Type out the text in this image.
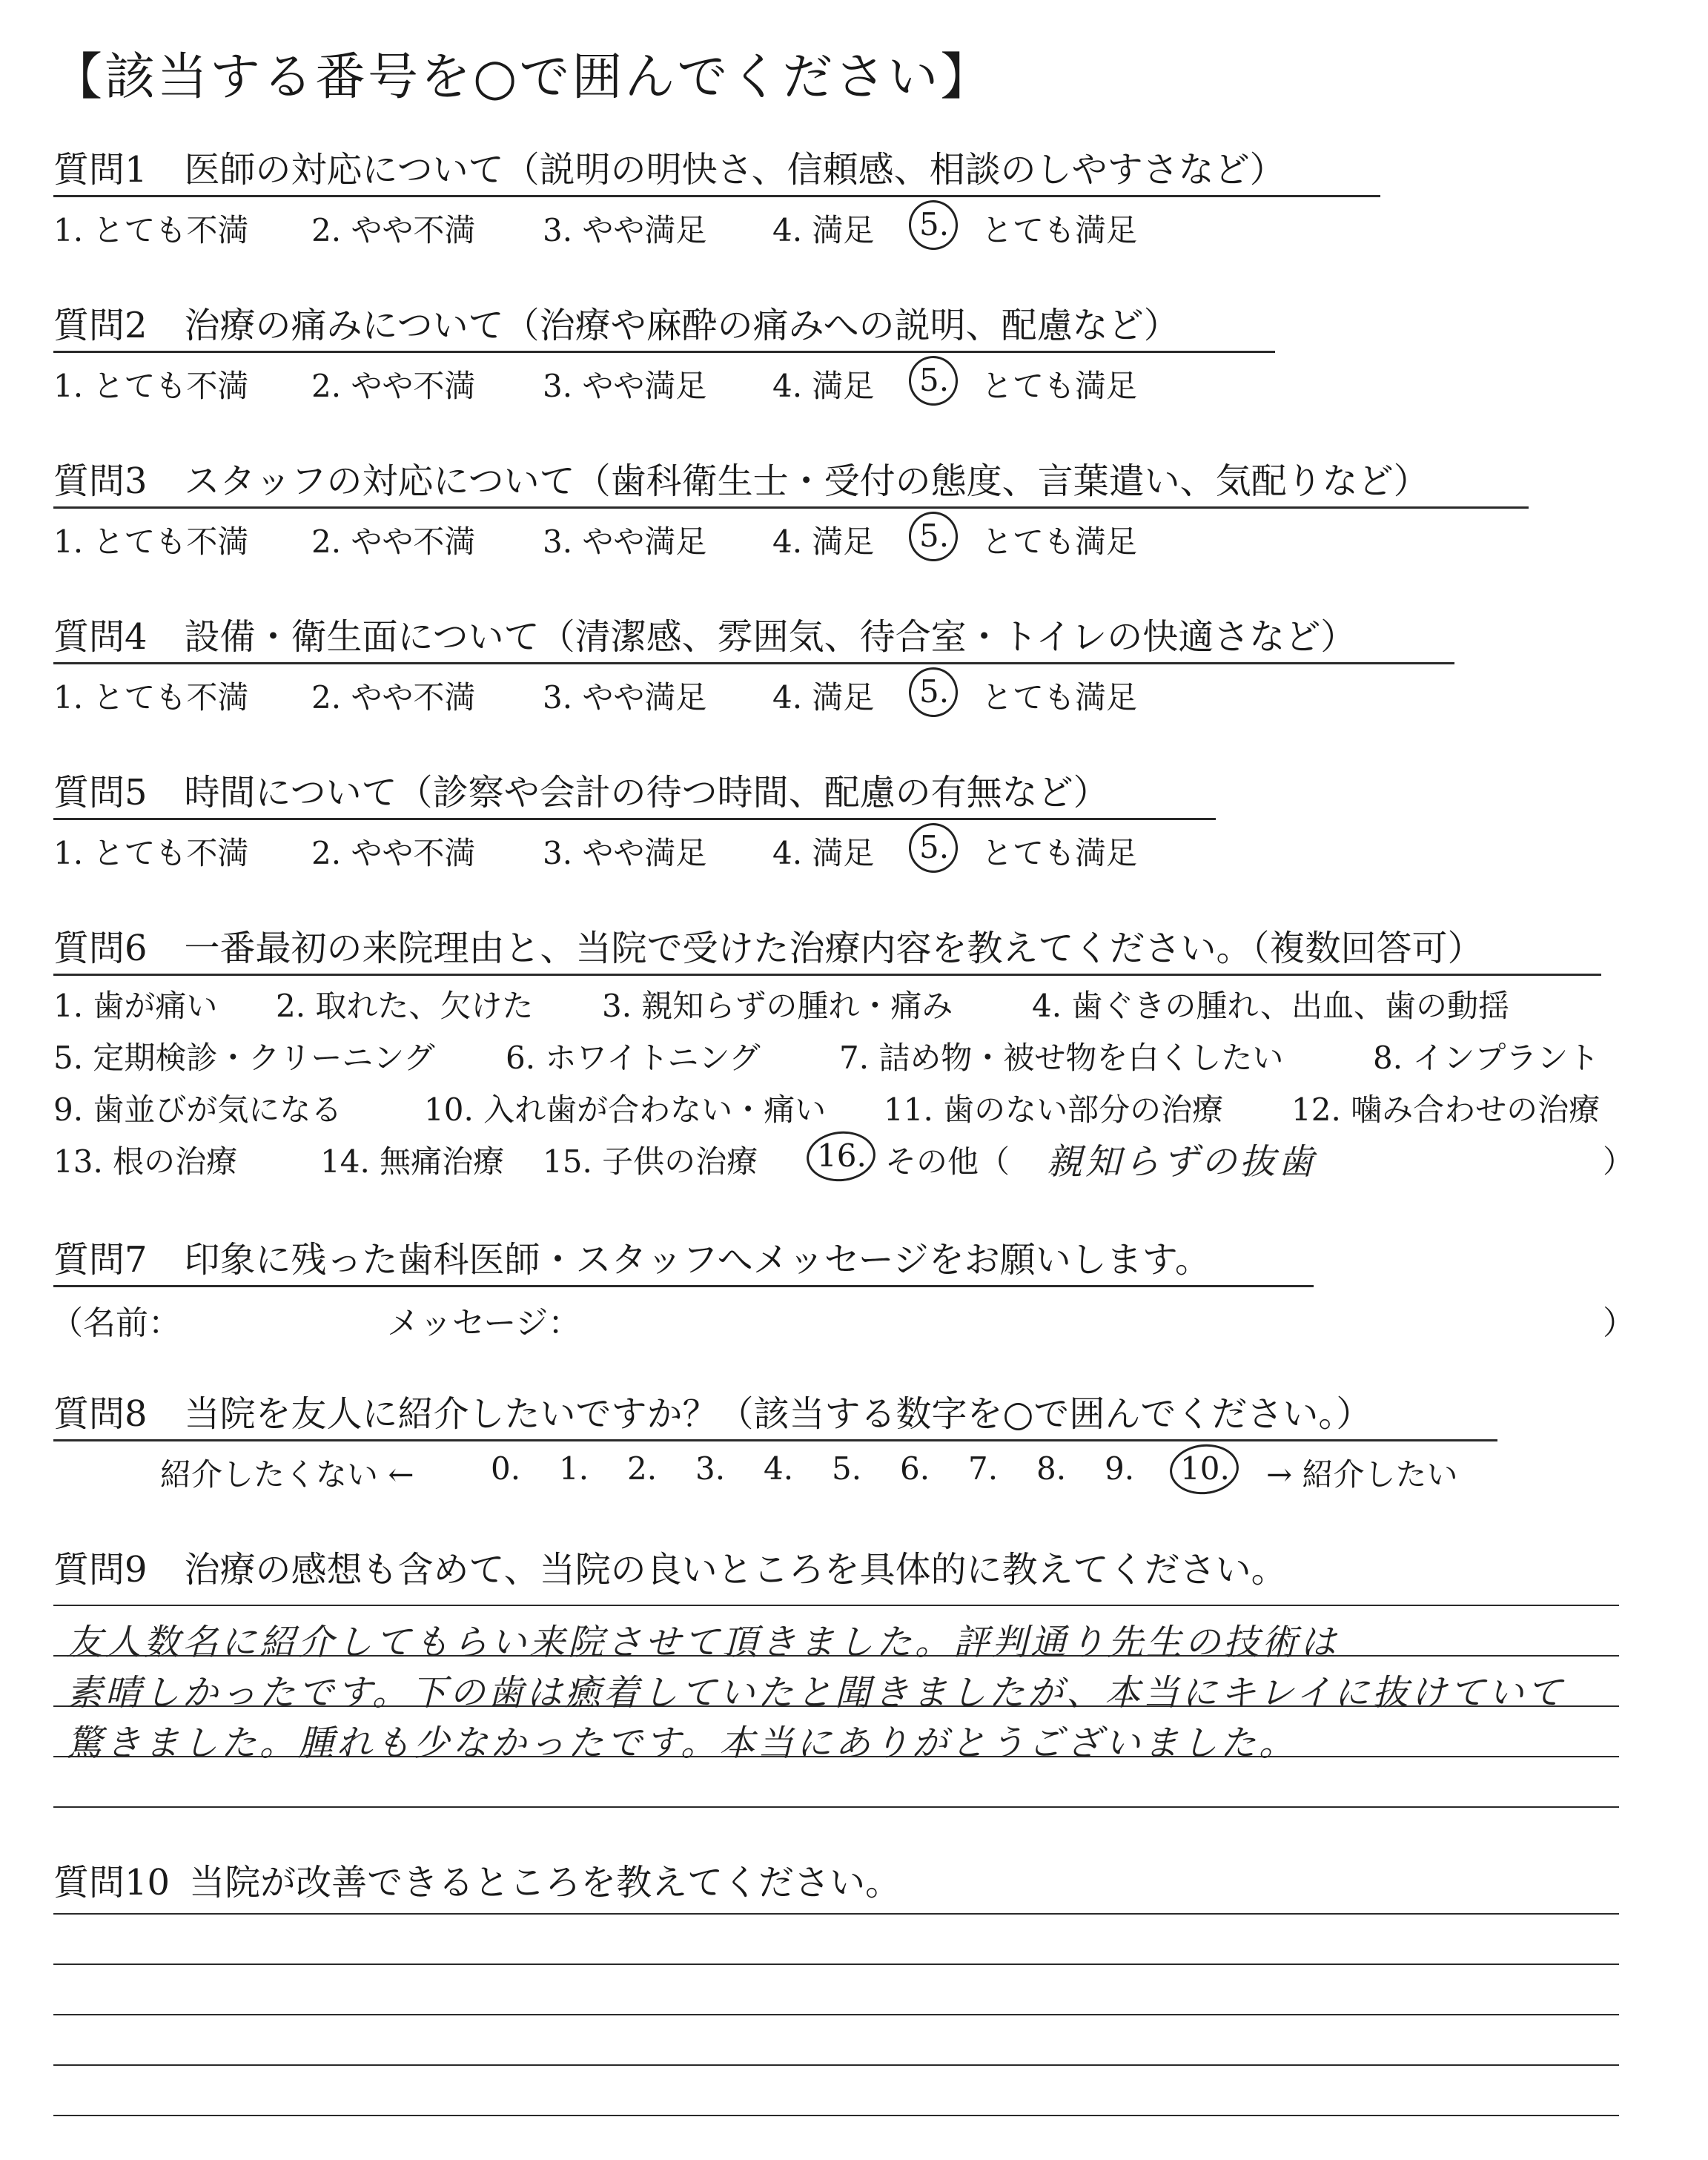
【該当する番号を○で囲んでください】
質問1 医師の対応について（説明の明快さ、信頼感、相談のしやすさなど）
1. とても不満 2. やや不満 3. やや満足 4. 満足 5. とても満足
質問2 治療の痛みについて（治療や麻酔の痛みへの説明、配慮など）
1. とても不満 2. やや不満 3. やや満足 4. 満足 5. とても満足
質問3 スタッフの対応について（歯科衛生士・受付の態度、言葉遣い、気配りなど）
1. とても不満 2. やや不満 3. やや満足 4. 満足 5. とても満足
質問4 設備・衛生面について（清潔感、雰囲気、待合室・トイレの快適さなど）
1. とても不満 2. やや不満 3. やや満足 4. 満足 5. とても満足
質問5 時間について（診察や会計の待つ時間、配慮の有無など）
1. とても不満 2. やや不満 3. やや満足 4. 満足 5. とても満足
質問6 一番最初の来院理由と、当院で受けた治療内容を教えてください。（複数回答可）
1. 歯が痛い 2. 取れた、欠けた 3. 親知らずの腫れ・痛み	4. 歯ぐきの腫れ、出血、歯の動揺
5. 定期検診・クリーニング 6. ホワイトニング	7. 詰め物・被せ物を白くしたい	8. インプラント
9. 歯並びが気になる	10. 入れ歯が合わない・痛い 11. 歯のない部分の治療 12. 噛み合わせの治療
13. 根の治療	14. 無痛治療 15. 子供の治療 16. その他（ 親知らずの抜歯	）
質問7 印象に残った歯科医師・スタッフへメッセージをお願いします。
（名前：	メッセージ：	）
質問8 当院を友人に紹介したいですか？（該当する数字を○で囲んでください。）
紹介したくない ← 0. 1. 2. 3. 4. 5. 6. 7. 8. 9. 10. → 紹介したい
質問9 治療の感想も含めて、当院の良いところを具体的に教えてください。
友人数名に紹介してもらい来院させて頂きました。評判通り先生の技術は
素晴しかったです。下の歯は癒着していたと聞きましたが、本当にキレイに抜けていて
驚きました。腫れも少なかったです。本当にありがとうございました。
質問10 当院が改善できるところを教えてください。
